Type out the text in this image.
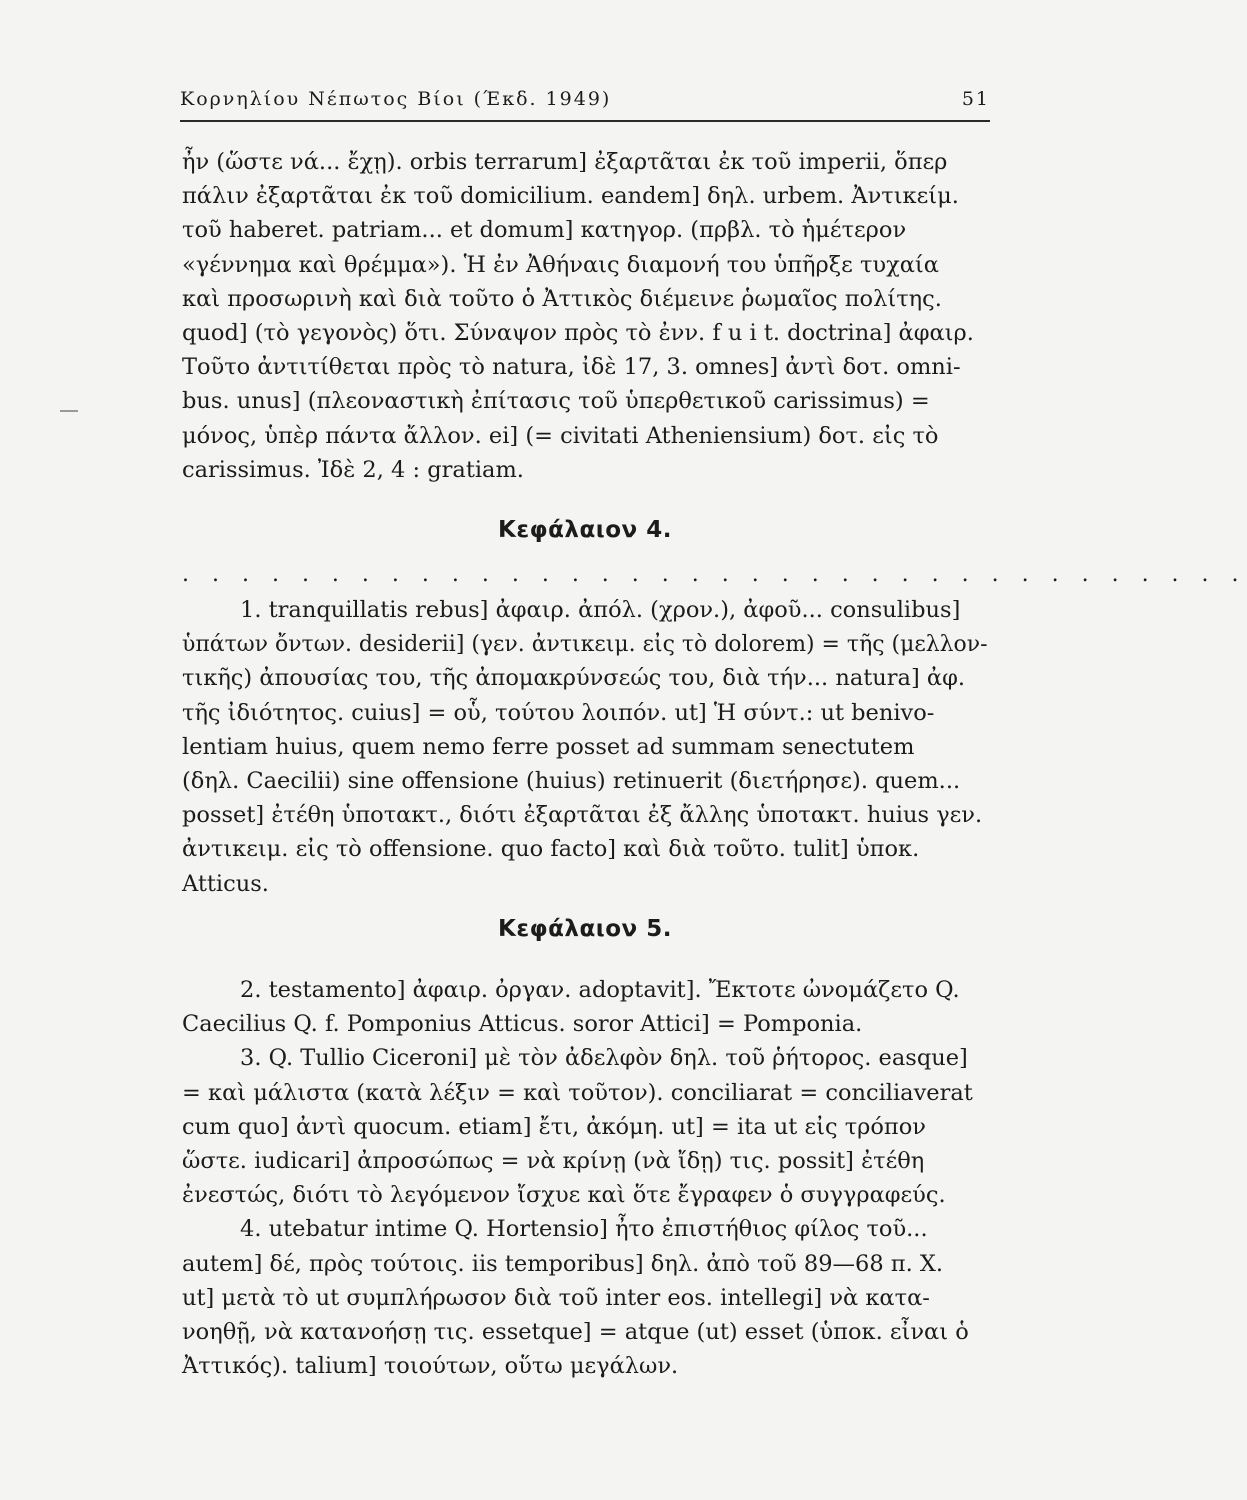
Κορνηλίου Νέπωτος Βίοι (Έκδ. 1949)	51
ἦν (ὥστε νά... ἔχῃ). orbis terrarum] ἐξαρτᾶται ἐκ τοῦ imperii, ὅπερ
πάλιν ἐξαρτᾶται ἐκ τοῦ domicilium. eandem] δηλ. urbem. Ἀντικείμ.
τοῦ haberet. patriam... et domum] κατηγορ. (πρβλ. τὸ ἡμέτερον
«γέννημα καὶ θρέμμα»). Ἡ ἐν Ἀθήναις διαμονή του ὑπῆρξε τυχαία
καὶ προσωρινὴ καὶ διὰ τοῦτο ὁ Ἀττικὸς διέμεινε ῥωμαῖος πολίτης.
quod] (τὸ γεγονὸς) ὅτι. Σύναψον πρὸς τὸ ἐνν. f u i t. doctrina] ἀφαιρ.
Τοῦτο ἀντιτίθεται πρὸς τὸ natura, ἰδὲ 17, 3. omnes] ἀντὶ δοτ. omni-
bus. unus] (πλεοναστικὴ ἐπίτασις τοῦ ὑπερθετικοῦ carissimus) =
μόνος, ὑπὲρ πάντα ἄλλον. ei] (= civitati Atheniensium) δοτ. εἰς τὸ
carissimus. Ἰδὲ 2, 4 : gratiam.
Κεφάλαιον 4.
. . . . . . . . . . . . . . . . . . . . . . . . . . . . . . . . . . . .
1. tranquillatis rebus] ἀφαιρ. ἀπόλ. (χρον.), ἀφοῦ... consulibus]
ὑπάτων ὄντων. desiderii] (γεν. ἀντικειμ. εἰς τὸ dolorem) = τῆς (μελλον-
τικῆς) ἀπουσίας του, τῆς ἀπομακρύνσεώς του, διὰ τήν... natura] ἀφ.
τῆς ἰδιότητος. cuius] = οὗ, τούτου λοιπόν. ut] Ἡ σύντ.: ut benivo-
lentiam huius, quem nemo ferre posset ad summam senectutem
(δηλ. Caecilii) sine offensione (huius) retinuerit (διετήρησε). quem...
posset] ἐτέθη ὑποτακτ., διότι ἐξαρτᾶται ἐξ ἄλλης ὑποτακτ. huius γεν.
ἀντικειμ. εἰς τὸ offensione. quo facto] καὶ διὰ τοῦτο. tulit] ὑποκ.
Atticus.
Κεφάλαιον 5.
2. testamento] ἀφαιρ. ὀργαν. adoptavit]. Ἔκτοτε ὠνομάζετο Q.
Caecilius Q. f. Pomponius Atticus. soror Attici] = Pomponia.
3. Q. Tullio Ciceroni] μὲ τὸν ἀδελφὸν δηλ. τοῦ ῥήτορος. easque]
= καὶ μάλιστα (κατὰ λέξιν = καὶ τοῦτον). conciliarat = conciliaverat
cum quo] ἀντὶ quocum. etiam] ἔτι, ἀκόμη. ut] = ita ut εἰς τρόπον
ὥστε. iudicari] ἀπροσώπως = νὰ κρίνῃ (νὰ ἴδῃ) τις. possit] ἐτέθη
ἐνεστώς, διότι τὸ λεγόμενον ἴσχυε καὶ ὅτε ἔγραφεν ὁ συγγραφεύς.
4. utebatur intime Q. Hortensio] ἦτο ἐπιστήθιος φίλος τοῦ...
autem] δέ, πρὸς τούτοις. iis temporibus] δηλ. ἀπὸ τοῦ 89—68 π. Χ.
ut] μετὰ τὸ ut συμπλήρωσον διὰ τοῦ inter eos. intellegi] νὰ κατα-
νοηθῇ, νὰ κατανοήσῃ τις. essetque] = atque (ut) esset (ὑποκ. εἶναι ὁ
Ἀττικός). talium] τοιούτων, οὕτω μεγάλων.
